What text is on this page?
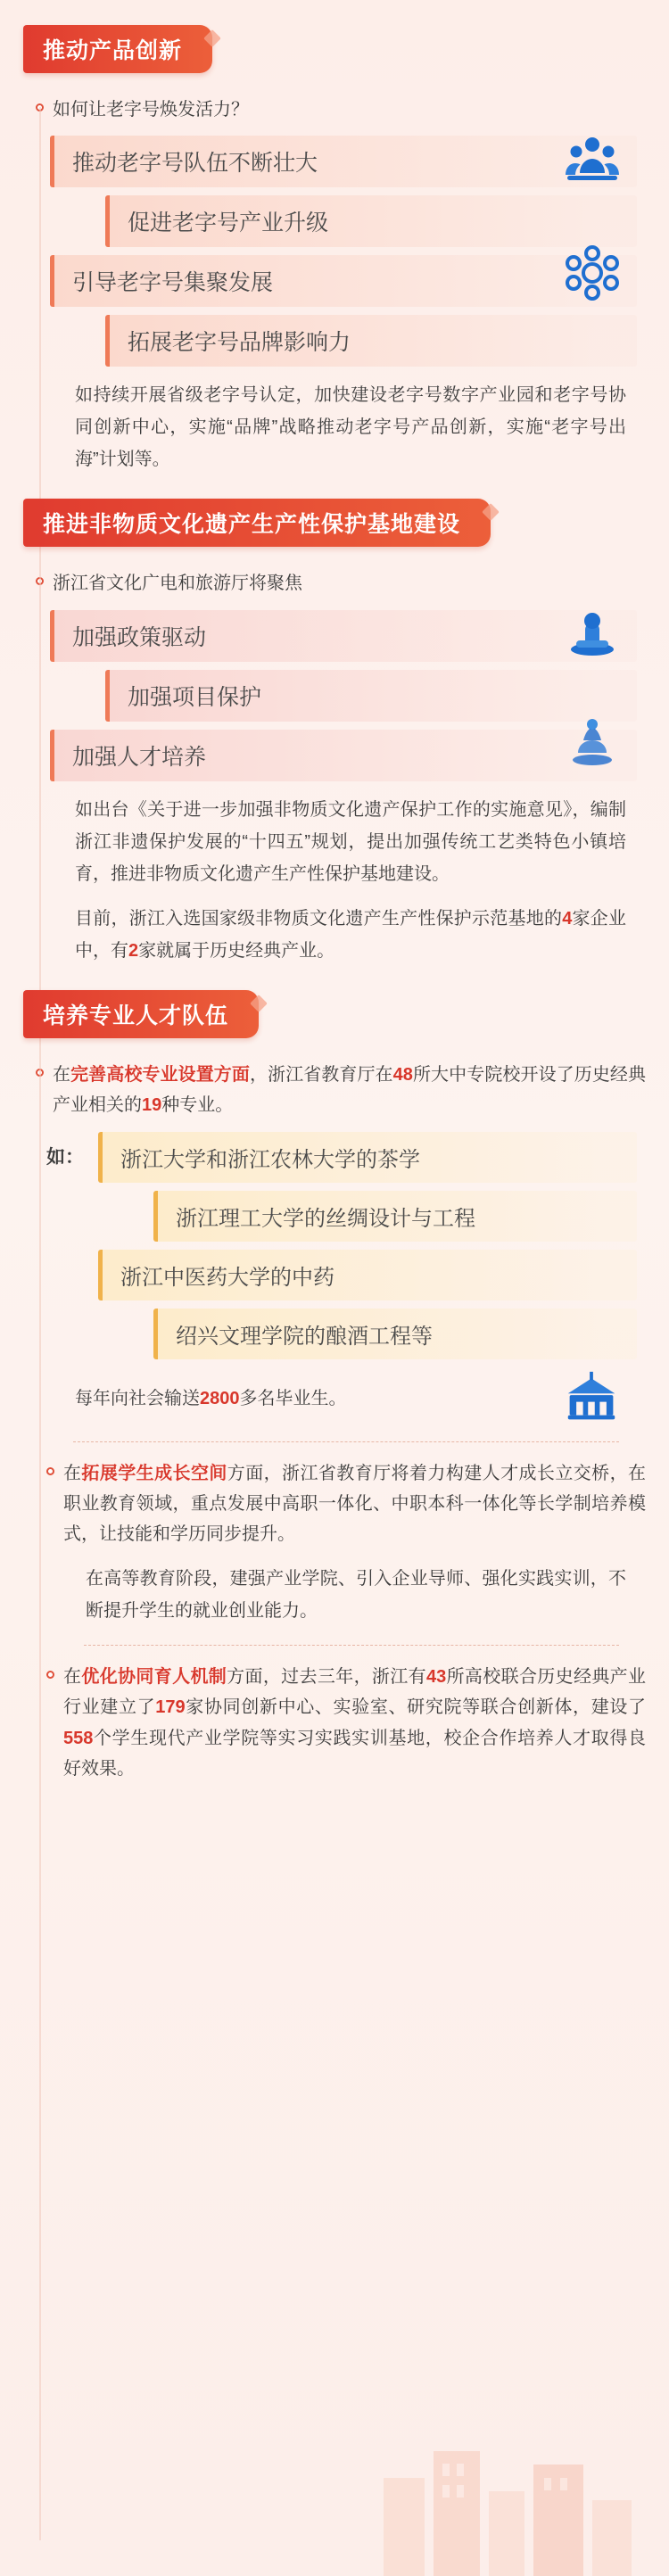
推动产品创新
如何让老字号焕发活力？
推动老字号队伍不断壮大
促进老字号产业升级
引导老字号集聚发展
拓展老字号品牌影响力

如持续开展省级老字号认定，加快建设老字号数字产业园和老字号协同创新中心，实施“品牌”战略推动老字号产品创新，实施“老字号出海”计划等。

推进非物质文化遗产生产性保护基地建设
浙江省文化广电和旅游厅将聚焦
加强政策驱动
加强项目保护
加强人才培养

如出台《关于进一步加强非物质文化遗产保护工作的实施意见》，编制浙江非遗保护发展的“十四五”规划，提出加强传统工艺类特色小镇培育，推进非物质文化遗产生产性保护基地建设。

目前，浙江入选国家级非物质文化遗产生产性保护示范基地的4家企业中，有2家就属于历史经典产业。

培养专业人才队伍
在完善高校专业设置方面，浙江省教育厅在48所大中专院校开设了历史经典产业相关的19种专业。
如：	浙江大学和浙江农林大学的茶学
浙江理工大学的丝绸设计与工程
浙江中医药大学的中药
绍兴文理学院的酿酒工程等
每年向社会输送2800多名毕业生。
在拓展学生成长空间方面，浙江省教育厅将着力构建人才成长立交桥，在职业教育领域，重点发展中高职一体化、中职本科一体化等长学制培养模式，让技能和学历同步提升。

在高等教育阶段，建强产业学院、引入企业导师、强化实践实训，不断提升学生的就业创业能力。

在优化协同育人机制方面，过去三年，浙江有43所高校联合历史经典产业行业建立了179家协同创新中心、实验室、研究院等联合创新体，建设了558个学生现代产业学院等实习实践实训基地，校企合作培养人才取得良好效果。
